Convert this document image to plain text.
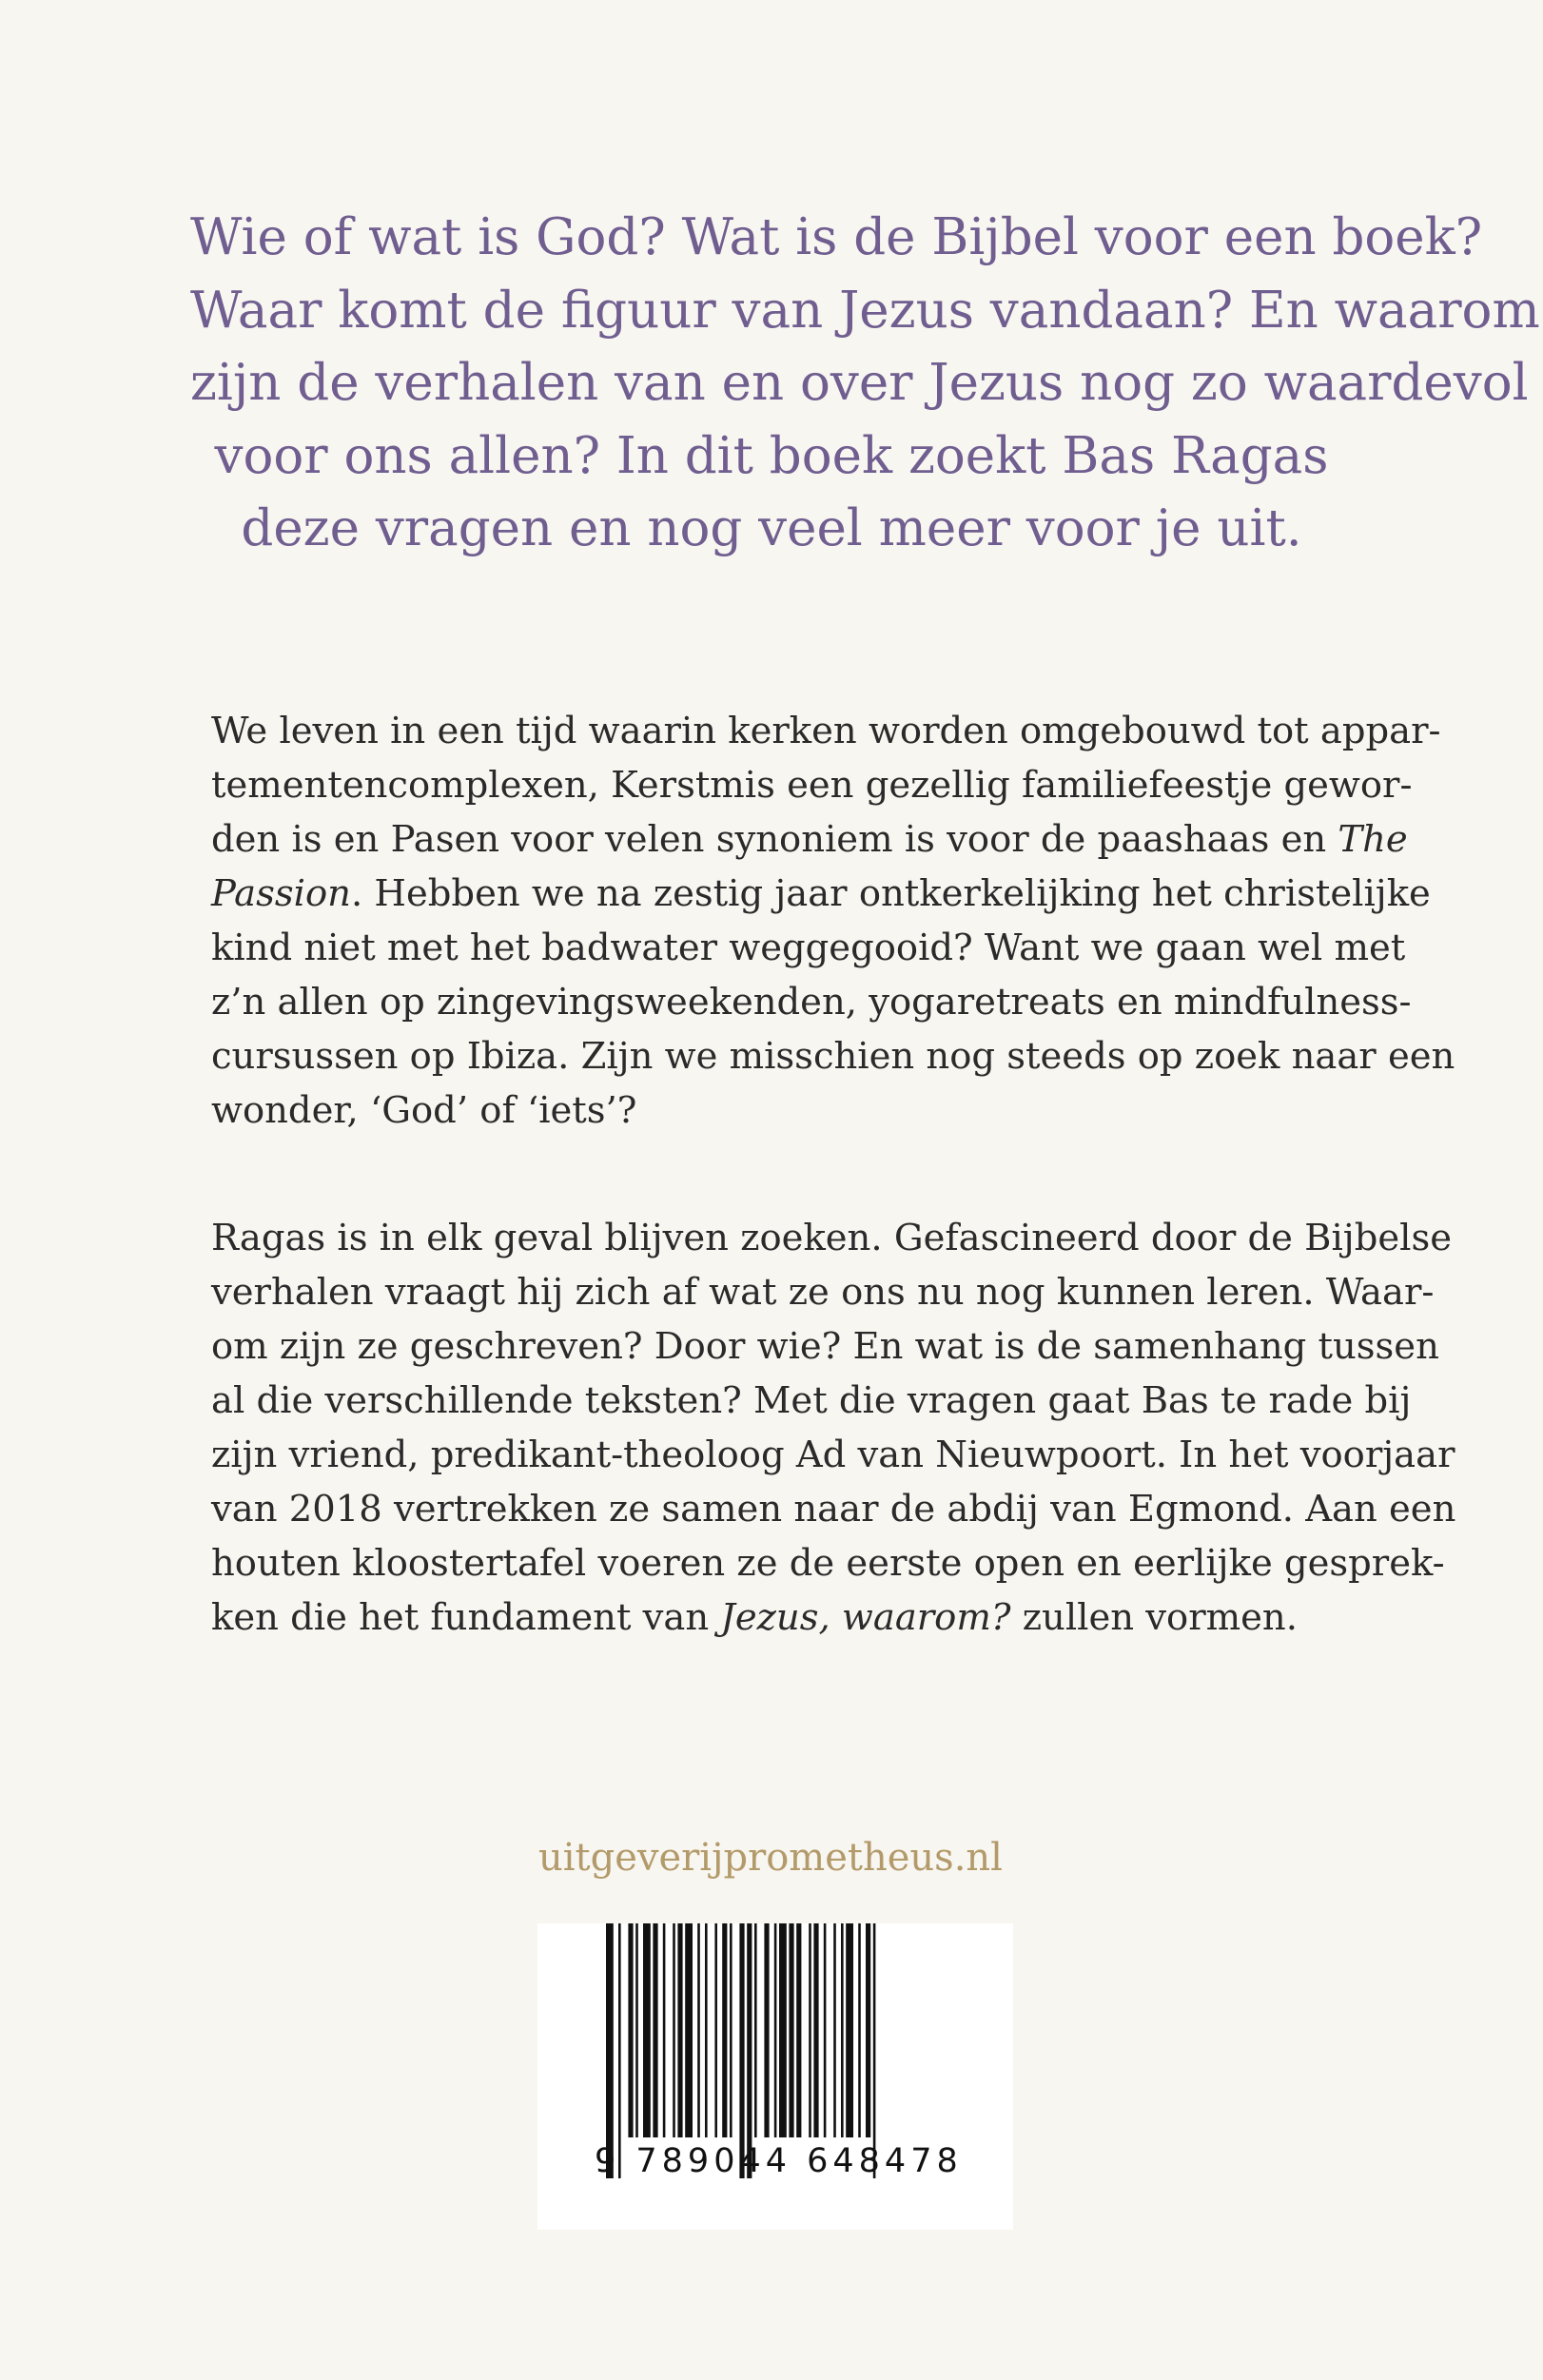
Wie of wat is God? Wat is de Bijbel voor een boek?
Waar komt de figuur van Jezus vandaan? En waarom
zijn de verhalen van en over Jezus nog zo waardevol
voor ons allen? In dit boek zoekt Bas Ragas
deze vragen en nog veel meer voor je uit.
We leven in een tijd waarin kerken worden omgebouwd tot appar-
tementencomplexen, Kerstmis een gezellig familiefeestje gewor-
den is en Pasen voor velen synoniem is voor de paashaas en The
Passion. Hebben we na zestig jaar ontkerkelijking het christelijke
kind niet met het badwater weggegooid? Want we gaan wel met
z’n allen op zingevingsweekenden, yogaretreats en mindfulness-
cursussen op Ibiza. Zijn we misschien nog steeds op zoek naar een
wonder, ‘God’ of ‘iets’?
Ragas is in elk geval blijven zoeken. Gefascineerd door de Bijbelse
verhalen vraagt hij zich af wat ze ons nu nog kunnen leren. Waar-
om zijn ze geschreven? Door wie? En wat is de samenhang tussen
al die verschillende teksten? Met die vragen gaat Bas te rade bij
zijn vriend, predikant-theoloog Ad van Nieuwpoort. In het voorjaar
van 2018 vertrekken ze samen naar de abdij van Egmond. Aan een
houten kloostertafel voeren ze de eerste open en eerlijke gesprek-
ken die het fundament van Jezus, waarom? zullen vormen.
uitgeverijprometheus.nl
9 789044 648478
